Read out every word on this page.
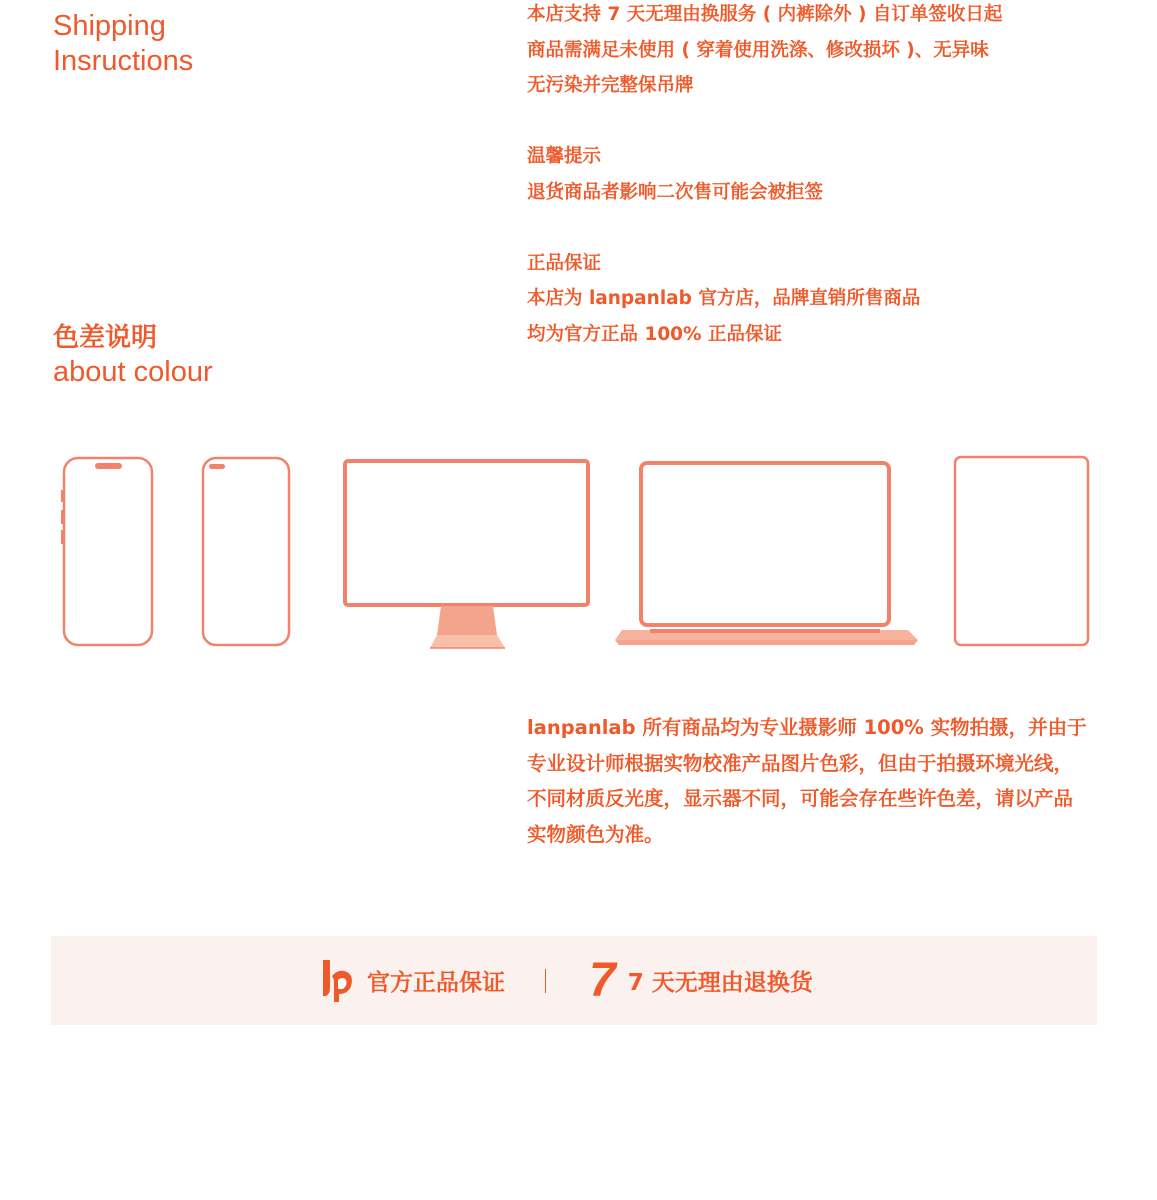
Shipping
Insructions
本店支持 7 天无理由换服务 ( 内裤除外 ) 自订单签收日起
商品需满足未使用 ( 穿着使用洗涤、修改损坏 )、无异味
无污染并完整保吊牌
温馨提示
退货商品者影响二次售可能会被拒签
正品保证
本店为 lanpanlab 官方店，品牌直销所售商品
均为官方正品 100% 正品保证
色差说明
about colour
lanpanlab 所有商品均为专业摄影师 100% 实物拍摄，并由于专业设计师根据实物校准产品图片色彩，但由于拍摄环境光线，不同材质反光度，显示器不同，可能会存在些许色差，请以产品实物颜色为准。
官方正品保证 7 7 天无理由退换货
